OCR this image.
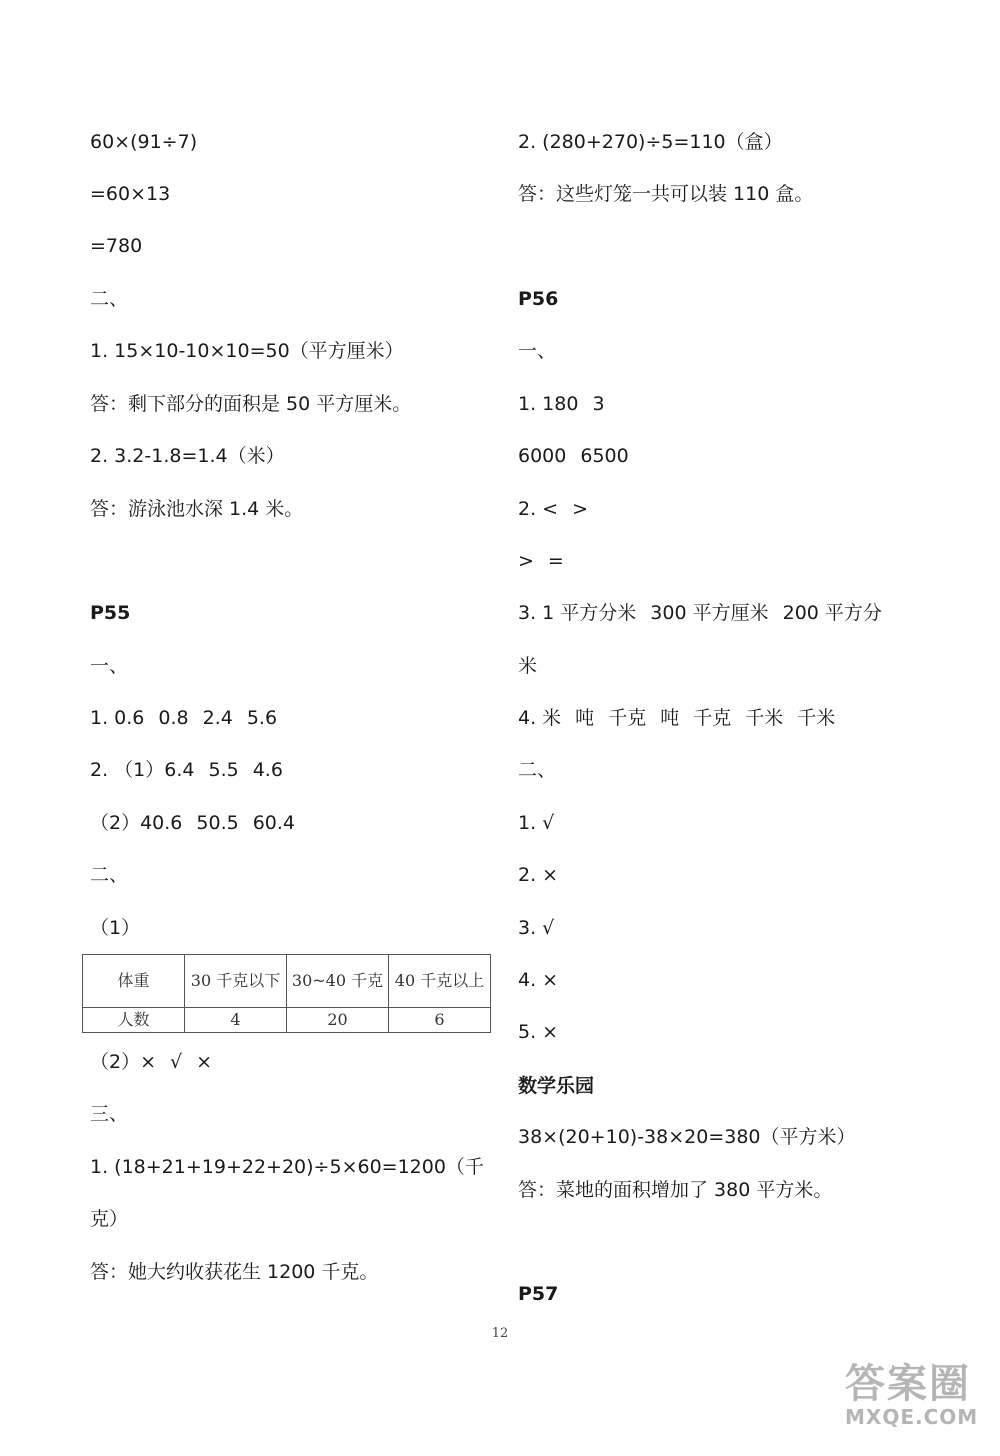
60×(91÷7)
=60×13
=780
二、
1. 15×10-10×10=50（平方厘米）
答：剩下部分的面积是 50 平方厘米。
2. 3.2-1.8=1.4（米）
答：游泳池水深 1.4 米。
P55
一、
1. 0.6 0.8 2.4 5.6
2. （1）6.4 5.5 4.6
（2）40.6 50.5 60.4
二、
（1）
（2）× √ ×
三、
1. (18+21+19+22+20)÷5×60=1200（千
克）
答：她大约收获花生 1200 千克。
体重	30 千克以下	30~40 千克	40 千克以上
人数	4	20	6
2. (280+270)÷5=110（盒）
答：这些灯笼一共可以装 110 盒。
P56
一、
1. 180 3
6000 6500
2. < >
> =
3. 1 平方分米 300 平方厘米 200 平方分
米
4. 米 吨 千克 吨 千克 千米 千米
二、
1. √
2. ×
3. √
4. ×
5. ×
数学乐园
38×(20+10)-38×20=380（平方米）
答：菜地的面积增加了 380 平方米。
P57
12
答案圈
MXQE.COM
